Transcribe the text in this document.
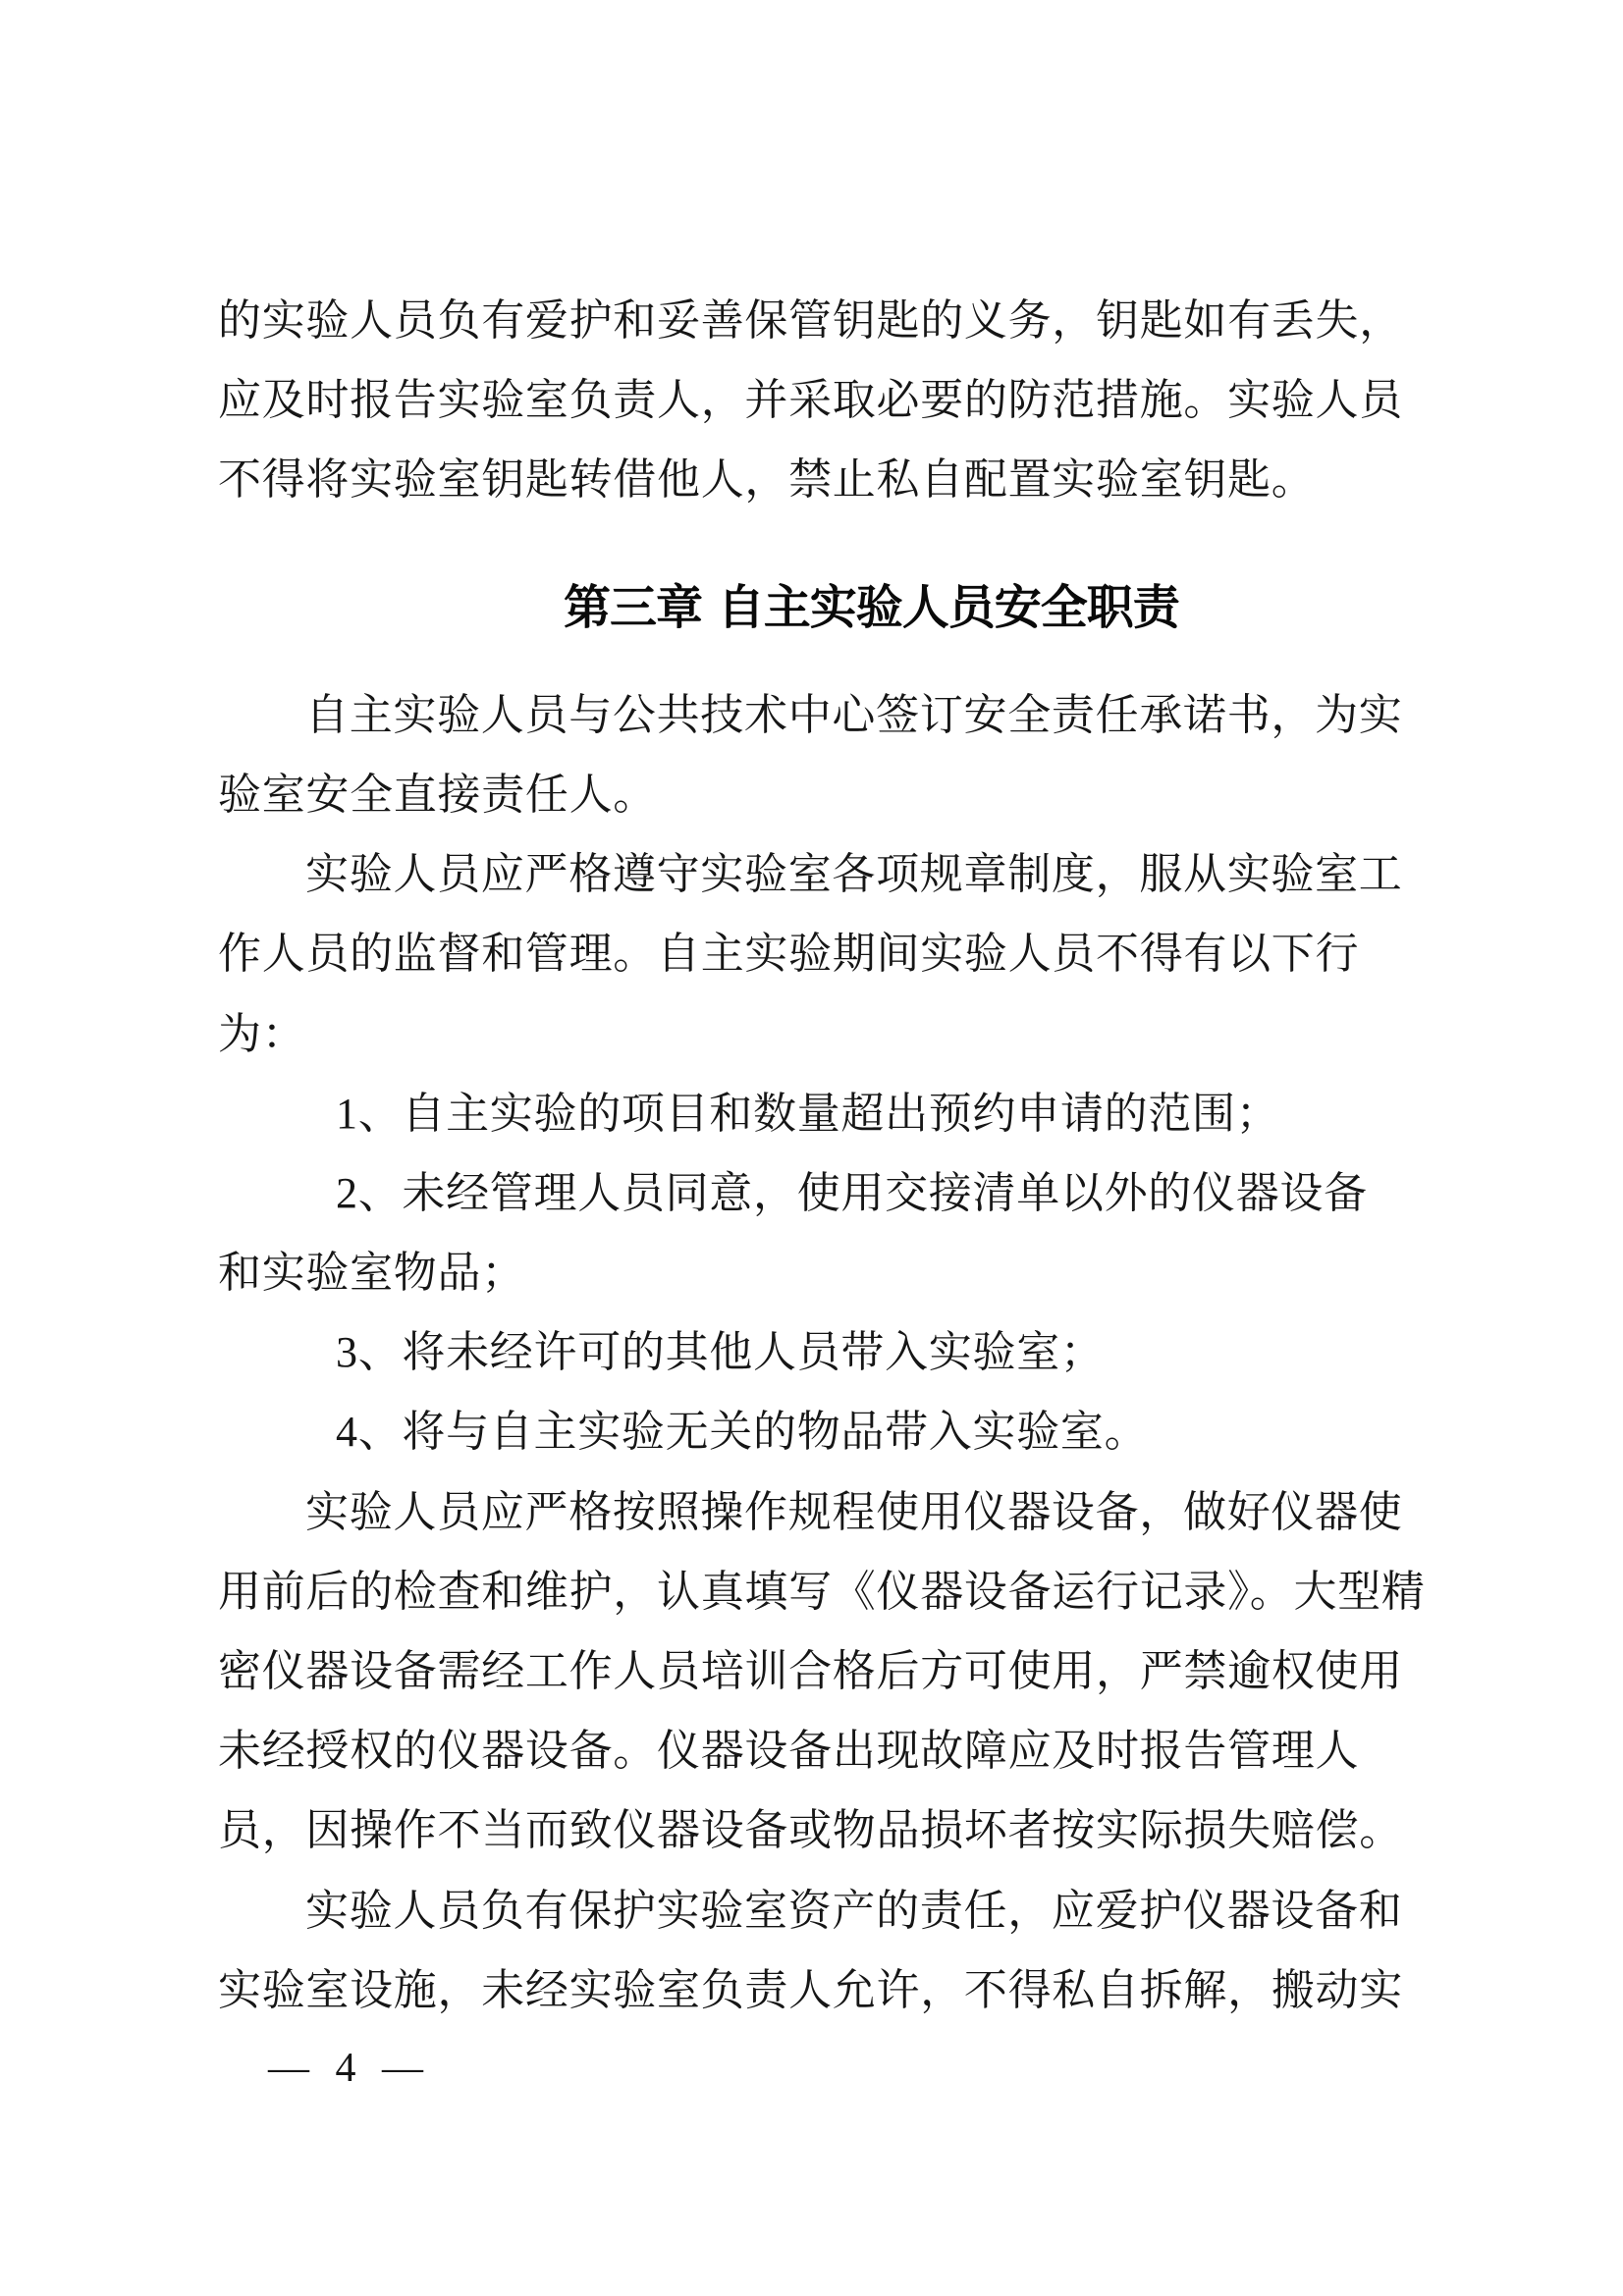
的实验人员负有爱护和妥善保管钥匙的义务，钥匙如有丢失，
应及时报告实验室负责人，并采取必要的防范措施。实验人员
不得将实验室钥匙转借他人，禁止私自配置实验室钥匙。
第三章 自主实验人员安全职责
自主实验人员与公共技术中心签订安全责任承诺书，为实
验室安全直接责任人。
实验人员应严格遵守实验室各项规章制度，服从实验室工
作人员的监督和管理。自主实验期间实验人员不得有以下行
为：
1、自主实验的项目和数量超出预约申请的范围；
2、未经管理人员同意，使用交接清单以外的仪器设备
和实验室物品；
3、将未经许可的其他人员带入实验室；
4、将与自主实验无关的物品带入实验室。
实验人员应严格按照操作规程使用仪器设备，做好仪器使
用前后的检查和维护，认真填写《仪器设备运行记录》。大型精
密仪器设备需经工作人员培训合格后方可使用，严禁逾权使用
未经授权的仪器设备。仪器设备出现故障应及时报告管理人
员，因操作不当而致仪器设备或物品损坏者按实际损失赔偿。
实验人员负有保护实验室资产的责任，应爱护仪器设备和
实验室设施，未经实验室负责人允许，不得私自拆解，搬动实
— 4 —
